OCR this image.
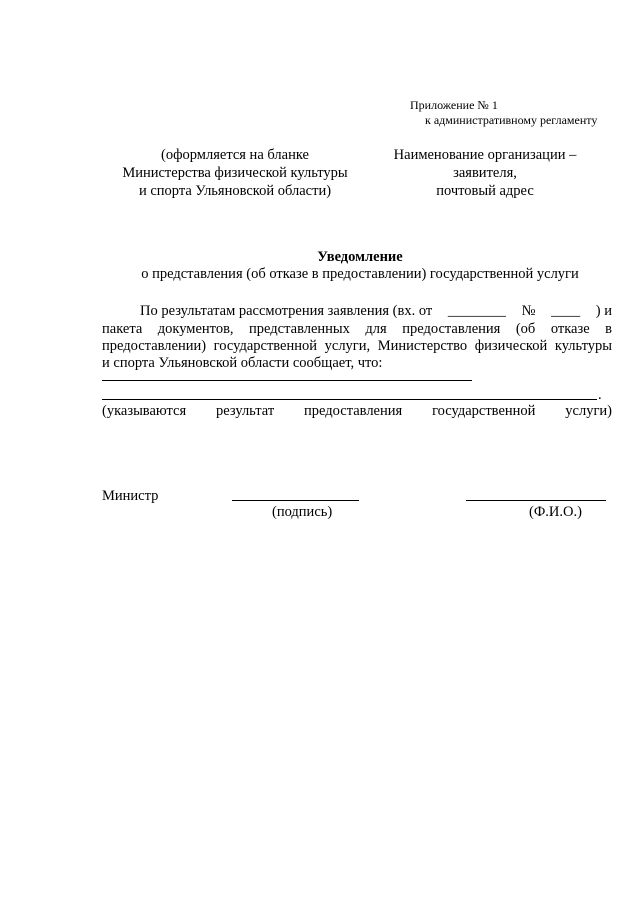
Приложение № 1
к административному регламенту
(оформляется на бланке
Министерства физической культуры
и спорта Ульяновской области)
Наименование организации –
заявителя,
почтовый адрес
Уведомление
о представления (об отказе в предоставлении) государственной услуги
По результатам рассмотрения заявления (вх. от ________ № ____ ) и
пакета документов, представленных для предоставления (об отказе в
предоставлении) государственной услуги, Министерство физической культуры
и спорта Ульяновской области сообщает, что:
.
(указываются результат предоставления государственной услуги)
Министр
(подпись)	(Ф.И.О.)
